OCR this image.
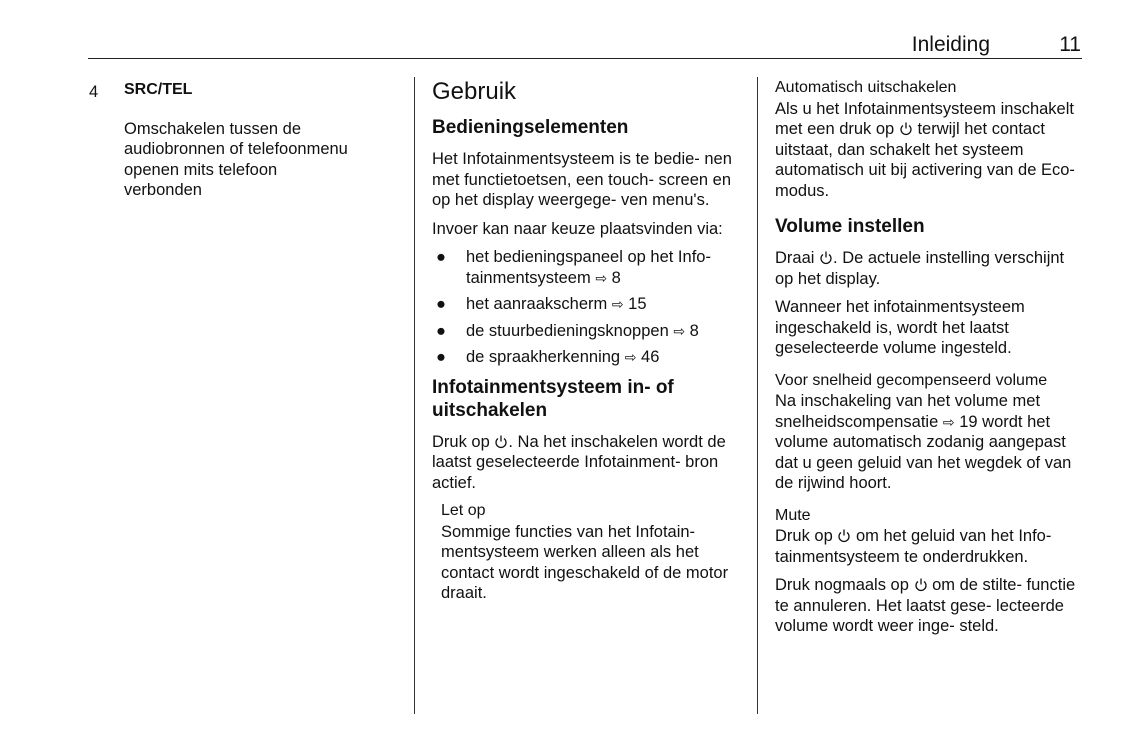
Inleiding	11
4 SRC/TEL
Omschakelen tussen de audiobronnen of telefoonmenu openen mits telefoon verbonden
Gebruik
Bedieningselementen

Het Infotainmentsysteem is te bedie- nen met functietoetsen, een touch- screen en op het display weergege- ven menu's.

Invoer kan naar keuze plaatsvinden via:

● het bedieningspaneel op het Info- tainmentsysteem ⇨ 8
● het aanraakscherm ⇨ 15
● de stuurbedieningsknoppen ⇨ 8
● de spraakherkenning ⇨ 46
Infotainmentsysteem in- of uitschakelen

Druk op . Na het inschakelen wordt de laatst geselecteerde Infotainment- bron actief.

Let op
Sommige functies van het Infotain- mentsysteem werken alleen als het contact wordt ingeschakeld of de motor draait.
Automatisch uitschakelen

Als u het Infotainmentsysteem inschakelt met een druk op terwijl het contact uitstaat, dan schakelt het systeem automatisch uit bij activering van de Eco-modus.

Volume instellen

Draai . De actuele instelling verschijnt op het display.

Wanneer het infotainmentsysteem ingeschakeld is, wordt het laatst geselecteerde volume ingesteld.

Voor snelheid gecompenseerd volume

Na inschakeling van het volume met snelheidscompensatie ⇨ 19 wordt het volume automatisch zodanig aangepast dat u geen geluid van het wegdek of van de rijwind hoort.

Mute

Druk op om het geluid van het Info- tainmentsysteem te onderdrukken.

Druk nogmaals op om de stilte- functie te annuleren. Het laatst gese- lecteerde volume wordt weer inge- steld.
